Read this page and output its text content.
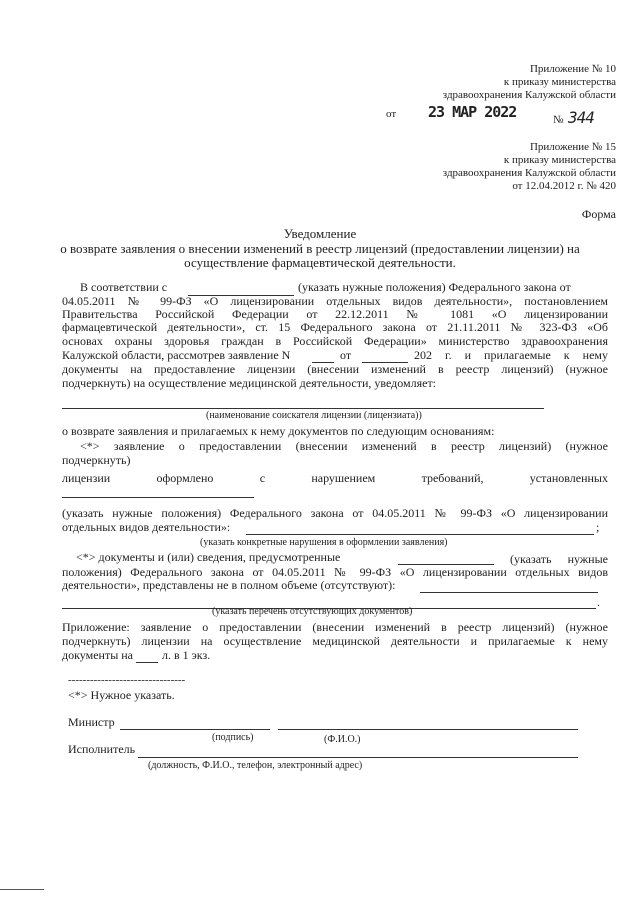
Приложение № 10
к приказу министерства
здравоохранения Калужской области
от 23 МАР 2022	№ 344
Приложение № 15
к приказу министерства
здравоохранения Калужской области
от 12.04.2012 г. № 420
Форма
Уведомление
о возврате заявления о внесении изменений в реестр лицензий (предоставлении лицензии) на
осуществление фармацевтической деятельности.
В соответствии с	(указать нужные положения) Федерального закона от
04.05.2011 № 99-ФЗ «О лицензировании отдельных видов деятельности», постановлением
Правительства Российской Федерации от 22.12.2011 № 1081 «О лицензировании
фармацевтической деятельности», ст. 15 Федерального закона от 21.11.2011 № 323-ФЗ «Об
основах охраны здоровья граждан в Российской Федерации» министерство здравоохранения
Калужской области, рассмотрев заявление N	от	202 г. и прилагаемые к нему
документы на предоставление лицензии (внесении изменений в реестр лицензий) (нужное
подчеркнуть) на осуществление медицинской деятельности, уведомляет:
(наименование соискателя лицензии (лицензиата))
о возврате заявления и прилагаемых к нему документов по следующим основаниям:
<*> заявление о предоставлении (внесении изменений в реестр лицензий) (нужное
подчеркнуть)
лицензии оформлено с нарушением требований, установленных
(указать нужные положения) Федерального закона от 04.05.2011 № 99-ФЗ «О лицензировании
отдельных видов деятельности»:	;
(указать конкретные нарушения в оформлении заявления)
<*> документы и (или) сведения, предусмотренные	(указать нужные
положения) Федерального закона от 04.05.2011 № 99-ФЗ «О лицензировании отдельных видов
деятельности», представлены не в полном объеме (отсутствуют):
.
(указать перечень отсутствующих документов)
Приложение: заявление о предоставлении (внесении изменений в реестр лицензий) (нужное
подчеркнуть) лицензии на осуществление медицинской деятельности и прилагаемые к нему
документы на л. в 1 экз.
--------------------------------
<*> Нужное указать.
Министр
(подпись)	(Ф.И.О.)
Исполнитель
(должность, Ф.И.О., телефон, электронный адрес)
